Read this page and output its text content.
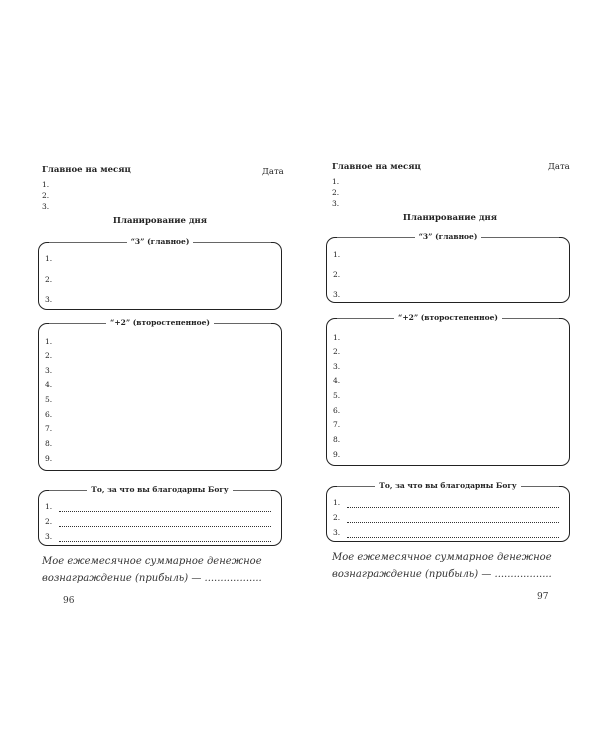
Главное на месяц	Дата
1.
2.
3.
Планирование дня
“3” (главное)
1.
2.
3.
“+2” (второстепенное)
1.
2.
3.
4.
5.
6.
7.
8.
9.
То, за что вы благодарны Богу
1.
2.
3.
Мое ежемесячное суммарное денежное
вознаграждение (прибыль) — ..................
96
Главное на месяц	Дата
1.
2.
3.
Планирование дня
“3” (главное)
1.
2.
3.
“+2” (второстепенное)
1.
2.
3.
4.
5.
6.
7.
8.
9.
То, за что вы благодарны Богу
1.
2.
3.
Мое ежемесячное суммарное денежное
вознаграждение (прибыль) — ..................
97
